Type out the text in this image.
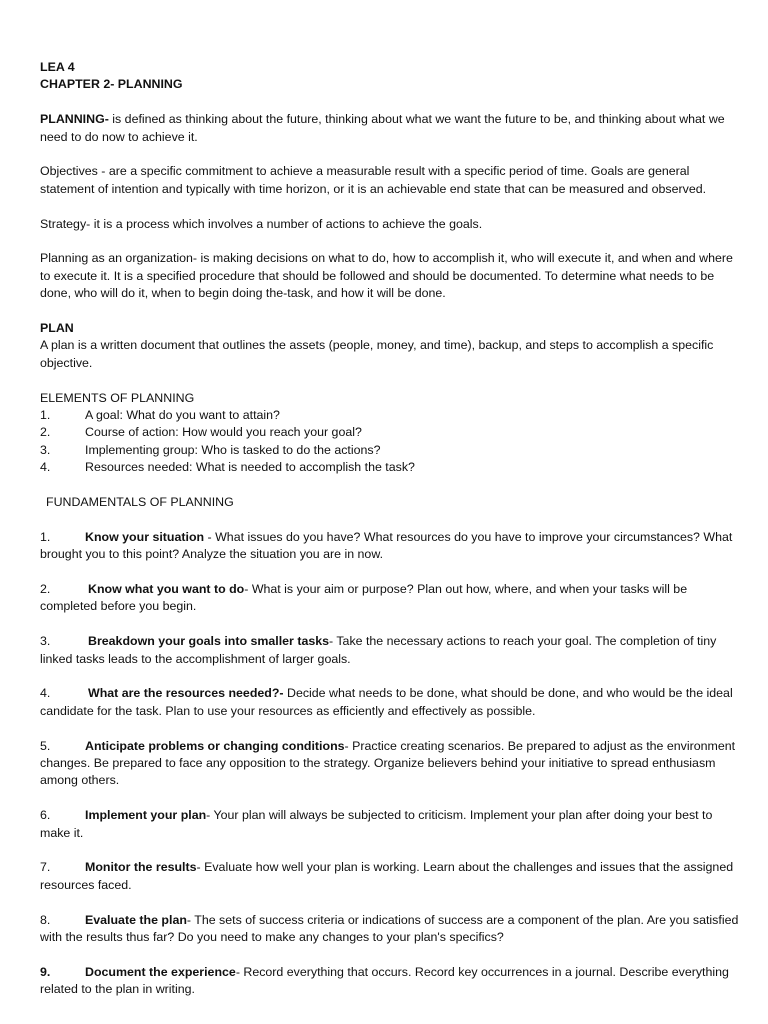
LEA 4

CHAPTER 2- PLANNING

PLANNING- is defined as thinking about the future, thinking about what we want the future to be, and thinking about what we need to do now to achieve it.

Objectives - are a specific commitment to achieve a measurable result with a specific period of time. Goals are general statement of intention and typically with time horizon, or it is an achievable end state that can be measured and observed.

Strategy- it is a process which involves a number of actions to achieve the goals.

Planning as an organization- is making decisions on what to do, how to accomplish it, who will execute it, and when and where to execute it. It is a specified procedure that should be followed and should be documented. To determine what needs to be done, who will do it, when to begin doing the-task, and how it will be done.

PLAN

A plan is a written document that outlines the assets (people, money, and time), backup, and steps to accomplish a specific objective.

ELEMENTS OF PLANNING

1.	A goal: What do you want to attain?
2.	Course of action: How would you reach your goal?
3.	Implementing group: Who is tasked to do the actions?
4.	Resources needed: What is needed to accomplish the task?

FUNDAMENTALS OF PLANNING

1.	Know your situation - What issues do you have? What resources do you have to improve your circumstances? What brought you to this point? Analyze the situation you are in now.

2.	Know what you want to do- What is your aim or purpose? Plan out how, where, and when your tasks will be completed before you begin.

3.	Breakdown your goals into smaller tasks- Take the necessary actions to reach your goal. The completion of tiny linked tasks leads to the accomplishment of larger goals.

4.	What are the resources needed?- Decide what needs to be done, what should be done, and who would be the ideal candidate for the task. Plan to use your resources as efficiently and effectively as possible.

5.	Anticipate problems or changing conditions- Practice creating scenarios. Be prepared to adjust as the environment changes. Be prepared to face any opposition to the strategy. Organize believers behind your initiative to spread enthusiasm among others.

6.	Implement your plan- Your plan will always be subjected to criticism. Implement your plan after doing your best to make it.

7.	Monitor the results- Evaluate how well your plan is working. Learn about the challenges and issues that the assigned resources faced.

8.	Evaluate the plan- The sets of success criteria or indications of success are a component of the plan. Are you satisfied with the results thus far? Do you need to make any changes to your plan's specifics?

9.	Document the experience- Record everything that occurs. Record key occurrences in a journal. Describe everything related to the plan in writing.
